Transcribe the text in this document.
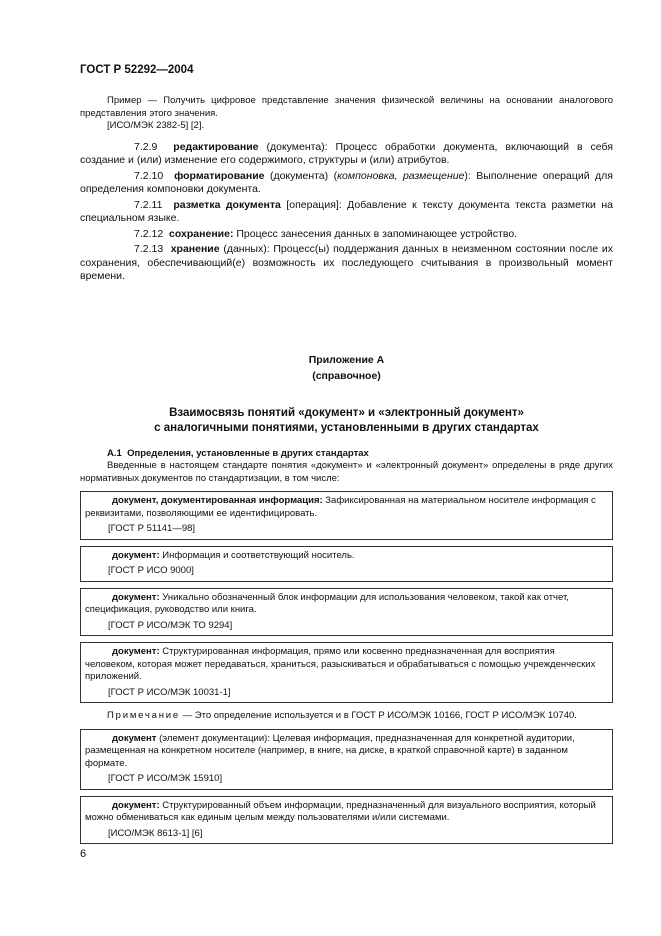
ГОСТ Р 52292—2004

Пример — Получить цифровое представление значения физической величины на основании аналогового представления этого значения.

[ИСО/МЭК 2382-5] [2].

7.2.9 редактирование (документа): Процесс обработки документа, включающий в себя создание и (или) изменение его содержимого, структуры и (или) атрибутов.

7.2.10 форматирование (документа) (компоновка, размещение): Выполнение операций для определения компоновки документа.

7.2.11 разметка документа [операция]: Добавление к тексту документа текста разметки на специальном языке.

7.2.12 сохранение: Процесс занесения данных в запоминающее устройство.

7.2.13 хранение (данных): Процесс(ы) поддержания данных в неизменном состоянии после их сохранения, обеспечивающий(е) возможность их последующего считывания в произвольный момент времени.

Приложение А
(справочное)
Взаимосвязь понятий «документ» и «электронный документ»
с аналогичными понятиями, установленными в других стандартах

А.1 Определения, установленные в других стандартах

Введенные в настоящем стандарте понятия «документ» и «электронный документ» определены в ряде других нормативных документов по стандартизации, в том числе:

документ, документированная информация: Зафиксированная на материальном носителе информация с реквизитами, позволяющими ее идентифицировать.

[ГОСТ Р 51141—98]

документ: Информация и соответствующий носитель.

[ГОСТ Р ИСО 9000]

документ: Уникально обозначенный блок информации для использования человеком, такой как отчет, спецификация, руководство или книга.

[ГОСТ Р ИСО/МЭК ТО 9294]

документ: Структурированная информация, прямо или косвенно предназначенная для восприятия человеком, которая может передаваться, храниться, разыскиваться и обрабатываться с помощью учрежденческих приложений.

[ГОСТ Р ИСО/МЭК 10031-1]

Примечание — Это определение используется и в ГОСТ Р ИСО/МЭК 10166, ГОСТ Р ИСО/МЭК 10740.

документ (элемент документации): Целевая информация, предназначенная для конкретной аудитории, размещенная на конкретном носителе (например, в книге, на диске, в краткой справочной карте) в заданном формате.

[ГОСТ Р ИСО/МЭК 15910]

документ: Структурированный объем информации, предназначенный для визуального восприятия, который можно обмениваться как единым целым между пользователями и/или системами.

[ИСО/МЭК 8613-1] [6]
6
